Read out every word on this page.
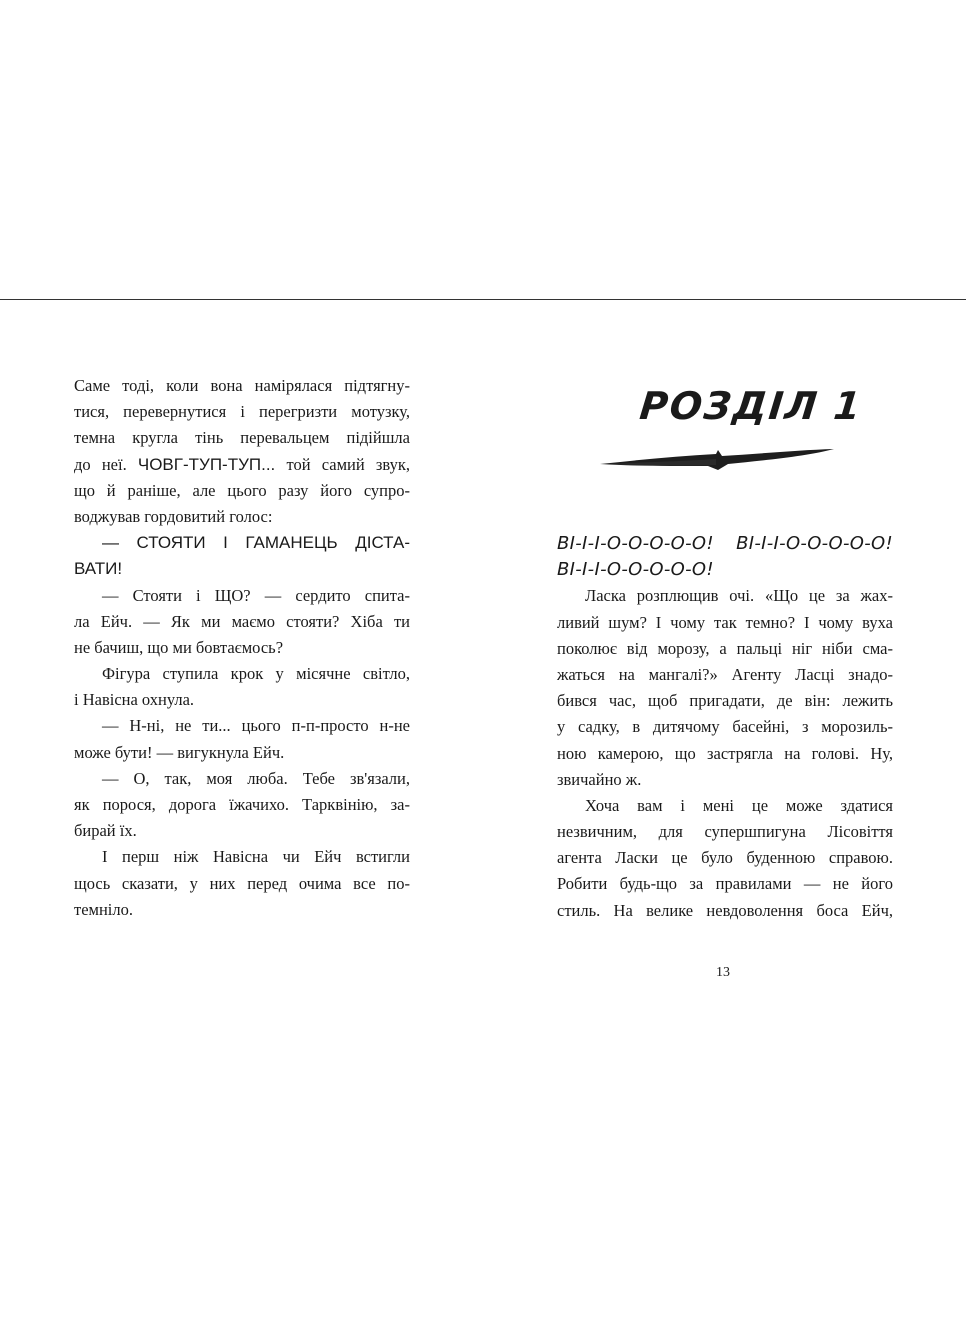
Саме тоді, коли вона намірялася підтягну-
тися, перевернутися і перегризти мотузку,
темна кругла тінь перевальцем підійшла
до неї. ЧОВГ-ТУП-ТУП... той самий звук,
що й раніше, але цього разу його супро-
воджував гордовитий голос:
— СТОЯТИ І ГАМАНЕЦЬ ДІСТА-
ВАТИ!
— Стояти і ЩО? — сердито спита-
ла Ейч. — Як ми маємо стояти? Хіба ти
не бачиш, що ми бовтаємось?
Фігура ступила крок у місячне світло,
і Навісна охнула.
— Н-ні, не ти... цього п-п-просто н-не
може бути! — вигукнула Ейч.
— О, так, моя люба. Тебе зв'язали,
як порося, дорога їжачихо. Тарквінію, за-
бирай їх.
І перш ніж Навісна чи Ейч встигли
щось сказати, у них перед очима все по-
темніло.
РОЗДІЛ 1
ВІ-І-І-О-О-О-О-О! ВІ-І-І-О-О-О-О-О!
ВІ-І-І-О-О-О-О-О!
Ласка розплющив очі. «Що це за жах-
ливий шум? І чому так темно? І чому вуха
поколює від морозу, а пальці ніг ніби сма-
жаться на мангалі?» Агенту Ласці знадо-
бився час, щоб пригадати, де він: лежить
у садку, в дитячому басейні, з морозиль-
ною камерою, що застрягла на голові. Ну,
звичайно ж.
Хоча вам і мені це може здатися
незвичним, для супершпигуна Лісовіття
агента Ласки це було буденною справою.
Робити будь-що за правилами — не його
стиль. На велике невдоволення боса Ейч,
13
